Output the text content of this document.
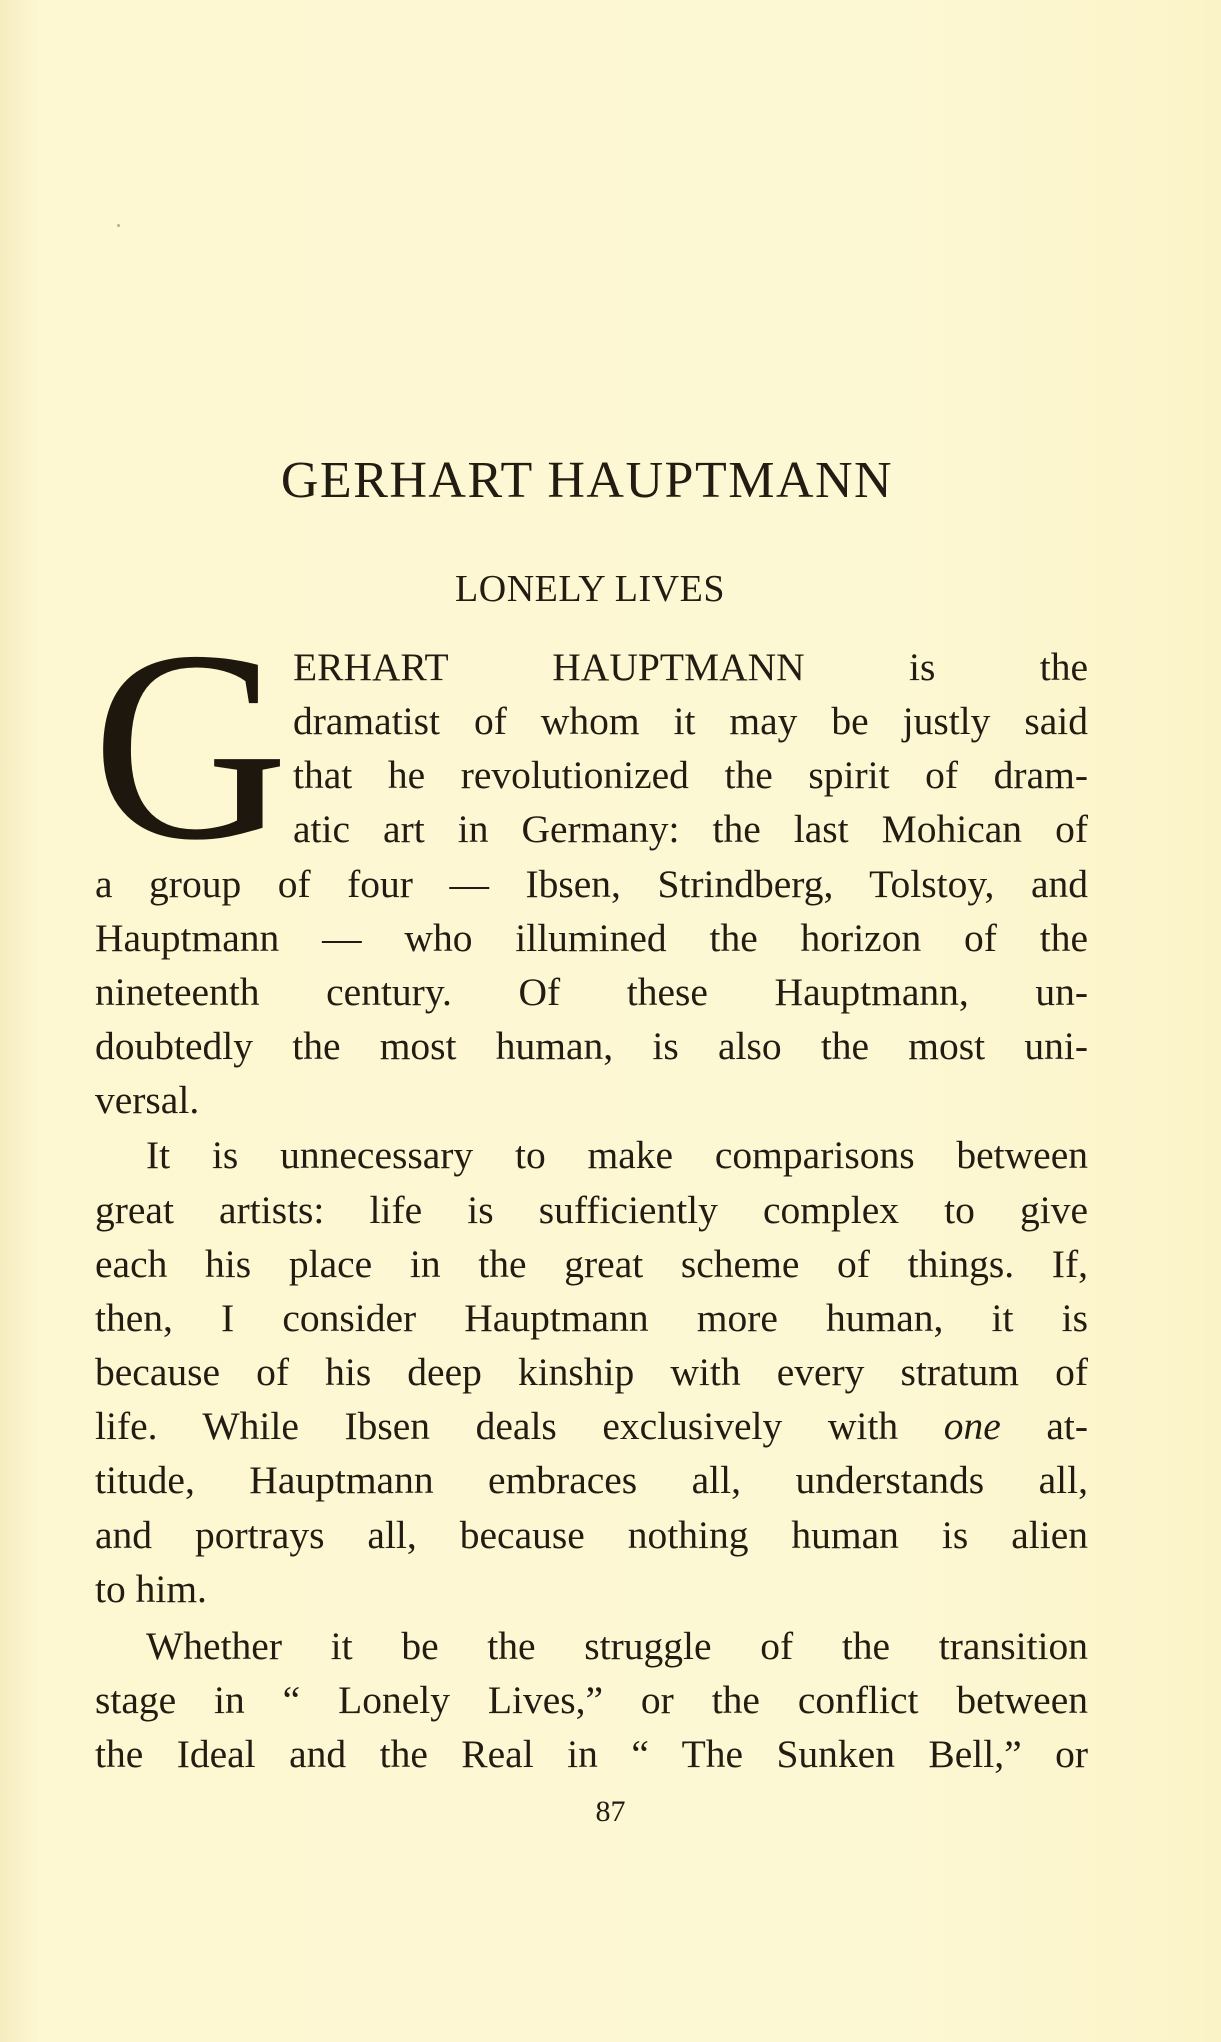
GERHART HAUPTMANN
LONELY LIVES
G ERHART HAUPTMANN is the

dramatist of whom it may be justly said

that he revolutionized the spirit of dram-

atic art in Germany: the last Mohican of

a group of four — Ibsen, Strindberg, Tolstoy, and

Hauptmann — who illumined the horizon of the

nineteenth century. Of these Hauptmann, un-

doubtedly the most human, is also the most uni-

versal.

It is unnecessary to make comparisons between

great artists: life is sufficiently complex to give

each his place in the great scheme of things. If,

then, I consider Hauptmann more human, it is

because of his deep kinship with every stratum of

life. While Ibsen deals exclusively with one at-

titude, Hauptmann embraces all, understands all,

and portrays all, because nothing human is alien

to him.

Whether it be the struggle of the transition

stage in “ Lonely Lives,” or the conflict between

the Ideal and the Real in “ The Sunken Bell,” or

87
